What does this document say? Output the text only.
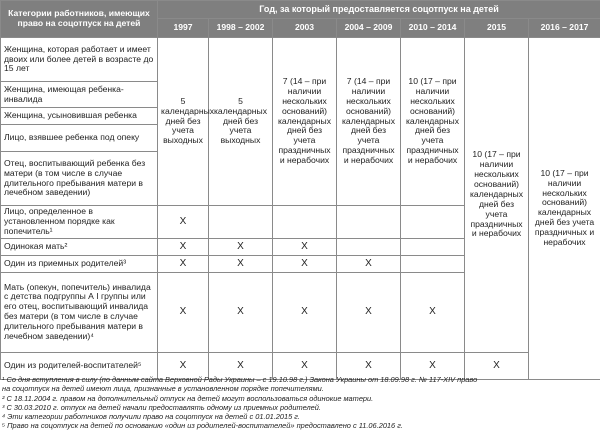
Категории работников, имеющих право на соцотпуск на детей	Год, за который предоставляется соцотпуск на детей						
	1997	1998 – 2002	2003	2004 – 2009	2010 – 2014	2015	2016 – 2017
Женщина, которая работает и имеет двоих или более детей в возрасте до 15 лет	5 календарных дней без учета выходных	5 календарных дней без учета выходных	7 (14 – при наличии нескольких оснований) календарных дней без учета праздничных и нерабочих	7 (14 – при наличии нескольких оснований) календарных дней без учета праздничных и нерабочих	10 (17 – при наличии нескольких оснований) календарных дней без учета праздничных и нерабочих	10 (17 – при наличии нескольких оснований) календарных дней без учета праздничных и нерабочих	10 (17 – при наличии нескольких оснований) календарных дней без учета праздничных и нерабочих
Женщина, имеющая ребенка-инвалида							
Женщина, усыновившая ребенка							
Лицо, взявшее ребенка под опеку							
Отец, воспитывающий ребенка без матери (в том числе в случае длительного пребывания матери в лечебном заведении)							
Лицо, определенное в установленном порядке как попечитель¹	X						
Одинокая мать²	X	X	X				
Один из приемных родителей³	X	X	X	X			
Мать (опекун, попечитель) инвалида с детства подгруппы А I группы или его отец, воспитывающий инвалида без матери (в том числе в случае длительного пребывания матери в лечебном заведении)⁴	X	X	X	X	X		
Один из родителей-воспитателей⁵	X	X	X	X	X	X	
¹ Со дня вступления в силу (по данным сайта Верховной Рады Украины – с 19.10.98 г.) Закона Украины от 18.09.98 г. № 117-XIV право
на соцотпуск на детей имеют лица, признанные в установленном порядке попечителями.
² С 18.11.2004 г. правом на дополнительный отпуск на детей могут воспользоваться одинокие матери.
³ С 30.03.2010 г. отпуск на детей начали предоставлять одному из приемных родителей.
⁴ Эти категории работников получили право на соцотпуск на детей с 01.01.2015 г.
⁵ Право на соцотпуск на детей по основанию «один из родителей-воспитателей» предоставлено с 11.06.2016 г.
